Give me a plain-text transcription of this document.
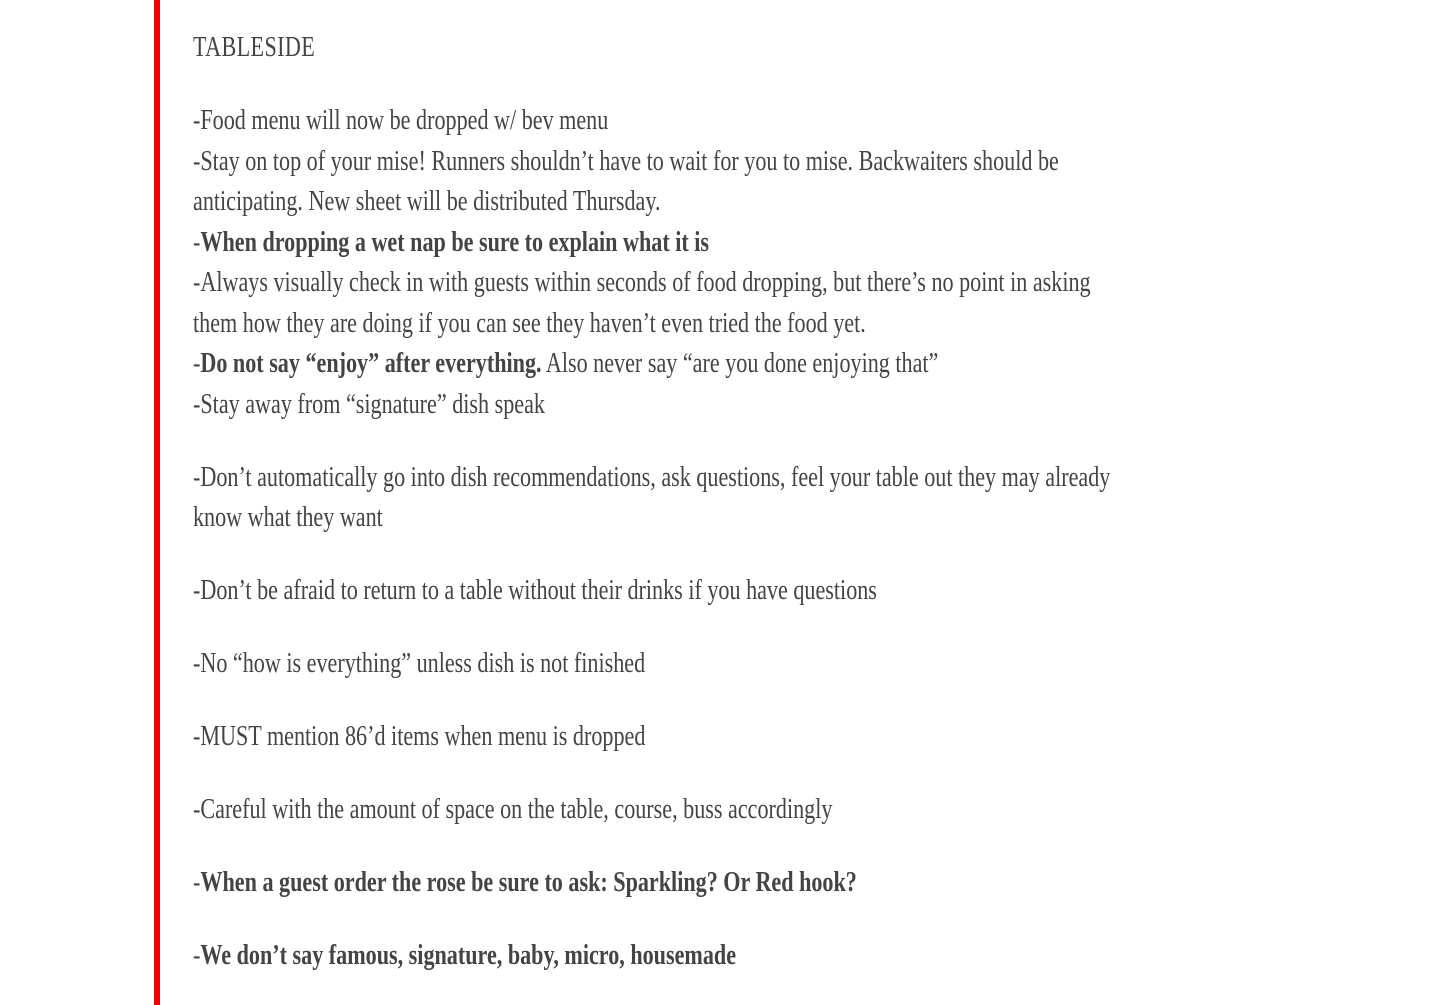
TABLESIDE
-Food menu will now be dropped w/ bev menu
-Stay on top of your mise! Runners shouldn’t have to wait for you to mise. Backwaiters should be
anticipating. New sheet will be distributed Thursday.
-When dropping a wet nap be sure to explain what it is
-Always visually check in with guests within seconds of food dropping, but there’s no point in asking
them how they are doing if you can see they haven’t even tried the food yet.
-Do not say “enjoy” after everything. Also never say “are you done enjoying that”
-Stay away from “signature” dish speak
-Don’t automatically go into dish recommendations, ask questions, feel your table out they may already
know what they want
-Don’t be afraid to return to a table without their drinks if you have questions
-No “how is everything” unless dish is not finished
-MUST mention 86’d items when menu is dropped
-Careful with the amount of space on the table, course, buss accordingly
-When a guest order the rose be sure to ask: Sparkling? Or Red hook?
-We don’t say famous, signature, baby, micro, housemade
